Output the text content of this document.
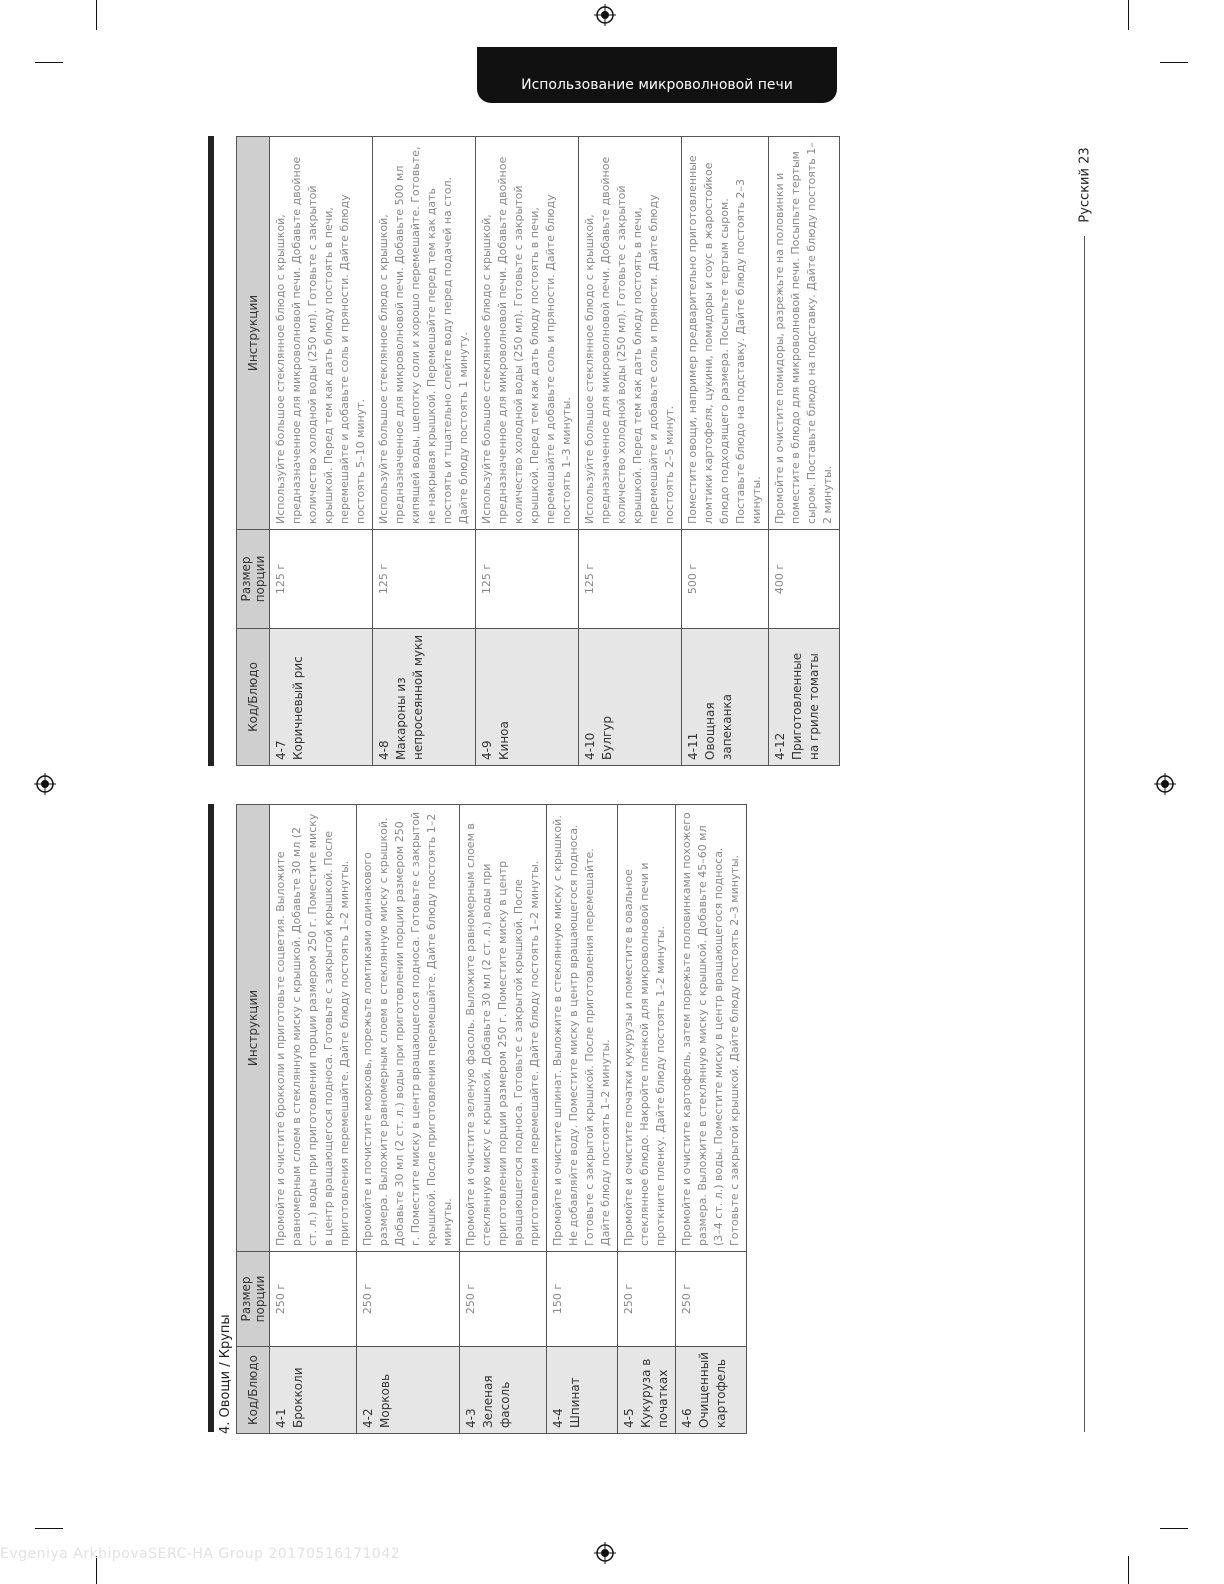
Использование микроволновой печи
Русский 23
4. Овощи / Крупы Код/Блюдо	Размер порции	Инструкции

4-1 Брокколи	250 г	Промойте и очистите брокколи и приготовьте соцветия. Выложите равномерным слоем в стеклянную миску с крышкой. Добавьте 30 мл (2 ст. л.) воды при приготовлении порции размером 250 г. Поместите миску в центр вращающегося подноса. Готовьте с закрытой крышкой. После приготовления перемешайте. Дайте блюду постоять 1–2 минуты.

4-2 Морковь	250 г	Промойте и почистите морковь, порежьте ломтиками одинакового размера. Выложите равномерным слоем в стеклянную миску с крышкой. Добавьте 30 мл (2 ст. л.) воды при приготовлении порции размером 250 г. Поместите миску в центр вращающегося подноса. Готовьте с закрытой крышкой. После приготовления перемешайте. Дайте блюду постоять 1–2 минуты.

4-3 Зеленая фасоль	250 г	Промойте и очистите зеленую фасоль. Выложите равномерным слоем в стеклянную миску с крышкой. Добавьте 30 мл (2 ст. л.) воды при приготовлении порции размером 250 г. Поместите миску в центр вращающегося подноса. Готовьте с закрытой крышкой. После приготовления перемешайте. Дайте блюду постоять 1–2 минуты.

4-4 Шпинат	150 г	Промойте и очистите шпинат. Выложите в стеклянную миску с крышкой. Не добавляйте воду. Поместите миску в центр вращающегося подноса. Готовьте с закрытой крышкой. После приготовления перемешайте. Дайте блюду постоять 1–2 минуты.

4-5 Кукуруза в початках	250 г	Промойте и очистите початки кукурузы и поместите в овальное стеклянное блюдо. Накройте пленкой для микроволновой печи и проткните пленку. Дайте блюду постоять 1–2 минуты.

4-6 Очищенный картофель	250 г	Промойте и очистите картофель, затем порежьте половинками похожего размера. Выложите в стеклянную миску с крышкой. Добавьте 45–60 мл (3–4 ст. л.) воды. Поместите миску в центр вращающегося подноса. Готовьте с закрытой крышкой. Дайте блюду постоять 2–3 минуты.
Код/Блюдо	Размер порции	Инструкции

4-7 Коричневый рис	125 г	Используйте большое стеклянное блюдо с крышкой, предназначенное для микроволновой печи. Добавьте двойное количество холодной воды (250 мл). Готовьте с закрытой крышкой. Перед тем как дать блюду постоять в печи, перемешайте и добавьте соль и пряности. Дайте блюду постоять 5–10 минут.

4-8 Макароны из непросеянной муки	125 г	Используйте большое стеклянное блюдо с крышкой, предназначенное для микроволновой печи. Добавьте 500 мл кипящей воды, щепотку соли и хорошо перемешайте. Готовьте, не накрывая крышкой. Перемешайте перед тем как дать постоять и тщательно слейте воду перед подачей на стол. Дайте блюду постоять 1 минуту.

4-9 Киноа	125 г	Используйте большое стеклянное блюдо с крышкой, предназначенное для микроволновой печи. Добавьте двойное количество холодной воды (250 мл). Готовьте с закрытой крышкой. Перед тем как дать блюду постоять в печи, перемешайте и добавьте соль и пряности. Дайте блюду постоять 1–3 минуты.

4-10 Булгур	125 г	Используйте большое стеклянное блюдо с крышкой, предназначенное для микроволновой печи. Добавьте двойное количество холодной воды (250 мл). Готовьте с закрытой крышкой. Перед тем как дать блюду постоять в печи, перемешайте и добавьте соль и пряности. Дайте блюду постоять 2–5 минут.

4-11 Овощная запеканка	500 г	Поместите овощи, например предварительно приготовленные ломтики картофеля, цукини, помидоры и соус в жаростойкое блюдо подходящего размера. Посыпьте тертым сыром. Поставьте блюдо на подставку. Дайте блюду постоять 2–3 минуты.

4-12 Приготовленные на гриле томаты	400 г	Промойте и очистите помидоры, разрежьте на половинки и поместите в блюдо для микроволновой печи. Посыпьте тертым сыром. Поставьте блюдо на подставку. Дайте блюду постоять 1–2 минуты.
Evgeniya ArkhipovaSERC-HA Group 20170516171042
